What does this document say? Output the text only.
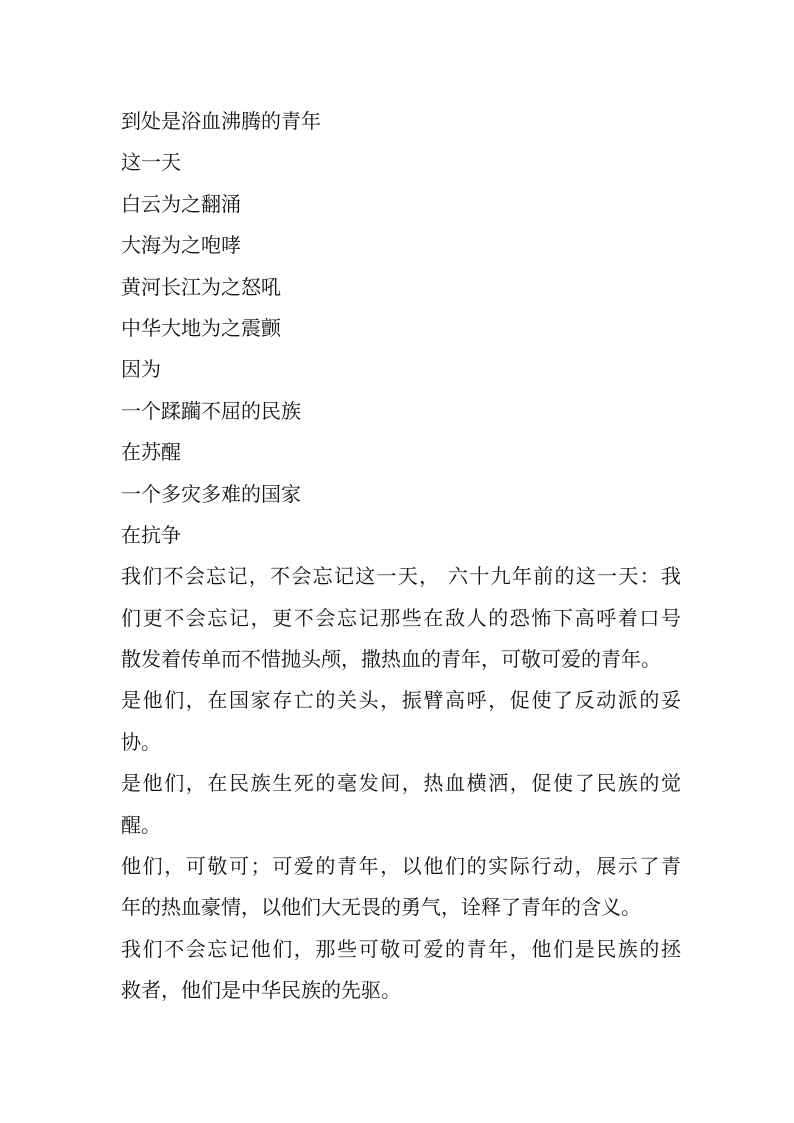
到处是浴血沸腾的青年
这一天
白云为之翻涌
大海为之咆哮
黄河长江为之怒吼
中华大地为之震颤
因为
一个蹂躏不屈的民族
在苏醒
一个多灾多难的国家
在抗争
我们不会忘记，不会忘记这一天， 六十九年前的这一天：我
们更不会忘记，更不会忘记那些在敌人的恐怖下高呼着口号
散发着传单而不惜抛头颅，撒热血的青年，可敬可爱的青年。
是他们，在国家存亡的关头，振臂高呼，促使了反动派的妥
协。
是他们，在民族生死的毫发间，热血横洒，促使了民族的觉
醒。
他们，可敬可；可爱的青年，以他们的实际行动，展示了青
年的热血豪情，以他们大无畏的勇气，诠释了青年的含义。
我们不会忘记他们，那些可敬可爱的青年，他们是民族的拯
救者，他们是中华民族的先驱。
